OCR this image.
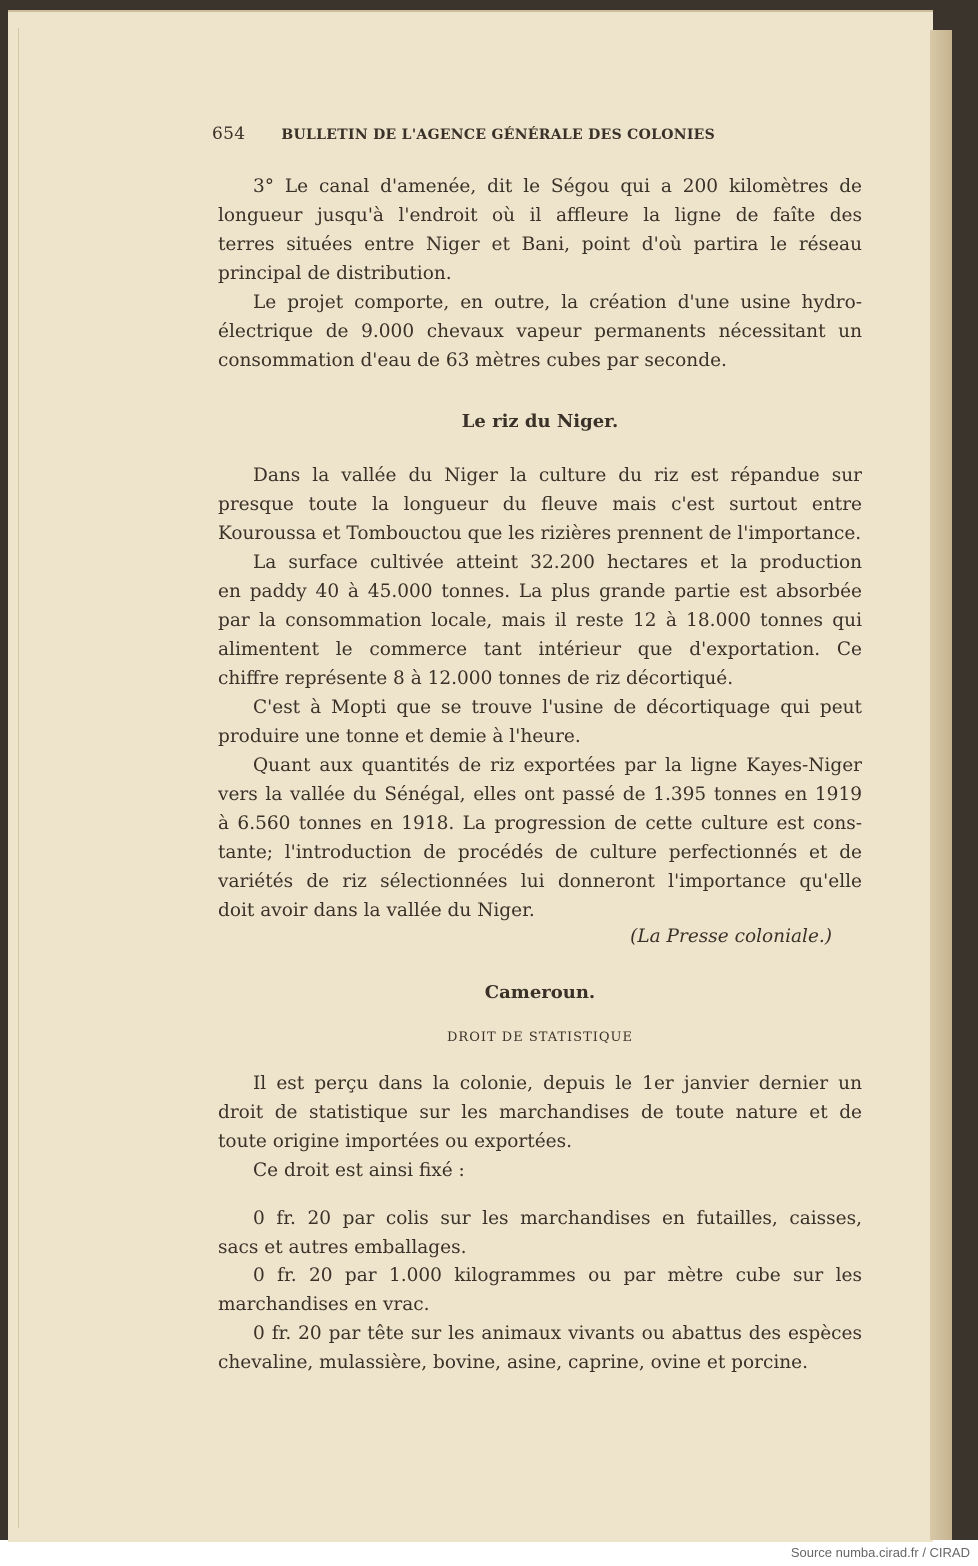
654	BULLETIN DE L'AGENCE GÉNÉRALE DES COLONIES
3° Le canal d'amenée, dit le Ségou qui a 200 kilomètres de
longueur jusqu'à l'endroit où il affleure la ligne de faîte des
terres situées entre Niger et Bani, point d'où partira le réseau
principal de distribution.
Le projet comporte, en outre, la création d'une usine hydro-
électrique de 9.000 chevaux vapeur permanents nécessitant un
consommation d'eau de 63 mètres cubes par seconde.
Le riz du Niger.
Dans la vallée du Niger la culture du riz est répandue sur
presque toute la longueur du fleuve mais c'est surtout entre
Kouroussa et Tombouctou que les rizières prennent de l'importance.
La surface cultivée atteint 32.200 hectares et la production
en paddy 40 à 45.000 tonnes. La plus grande partie est absorbée
par la consommation locale, mais il reste 12 à 18.000 tonnes qui
alimentent le commerce tant intérieur que d'exportation. Ce
chiffre représente 8 à 12.000 tonnes de riz décortiqué.
C'est à Mopti que se trouve l'usine de décortiquage qui peut
produire une tonne et demie à l'heure.
Quant aux quantités de riz exportées par la ligne Kayes-Niger
vers la vallée du Sénégal, elles ont passé de 1.395 tonnes en 1919
à 6.560 tonnes en 1918. La progression de cette culture est cons-
tante; l'introduction de procédés de culture perfectionnés et de
variétés de riz sélectionnées lui donneront l'importance qu'elle
doit avoir dans la vallée du Niger.
(La Presse coloniale.)
Cameroun.
DROIT DE STATISTIQUE
Il est perçu dans la colonie, depuis le 1er janvier dernier un
droit de statistique sur les marchandises de toute nature et de
toute origine importées ou exportées.
Ce droit est ainsi fixé :
0 fr. 20 par colis sur les marchandises en futailles, caisses,
sacs et autres emballages.
0 fr. 20 par 1.000 kilogrammes ou par mètre cube sur les
marchandises en vrac.
0 fr. 20 par tête sur les animaux vivants ou abattus des espèces
chevaline, mulassière, bovine, asine, caprine, ovine et porcine.
Source numba.cirad.fr / CIRAD
